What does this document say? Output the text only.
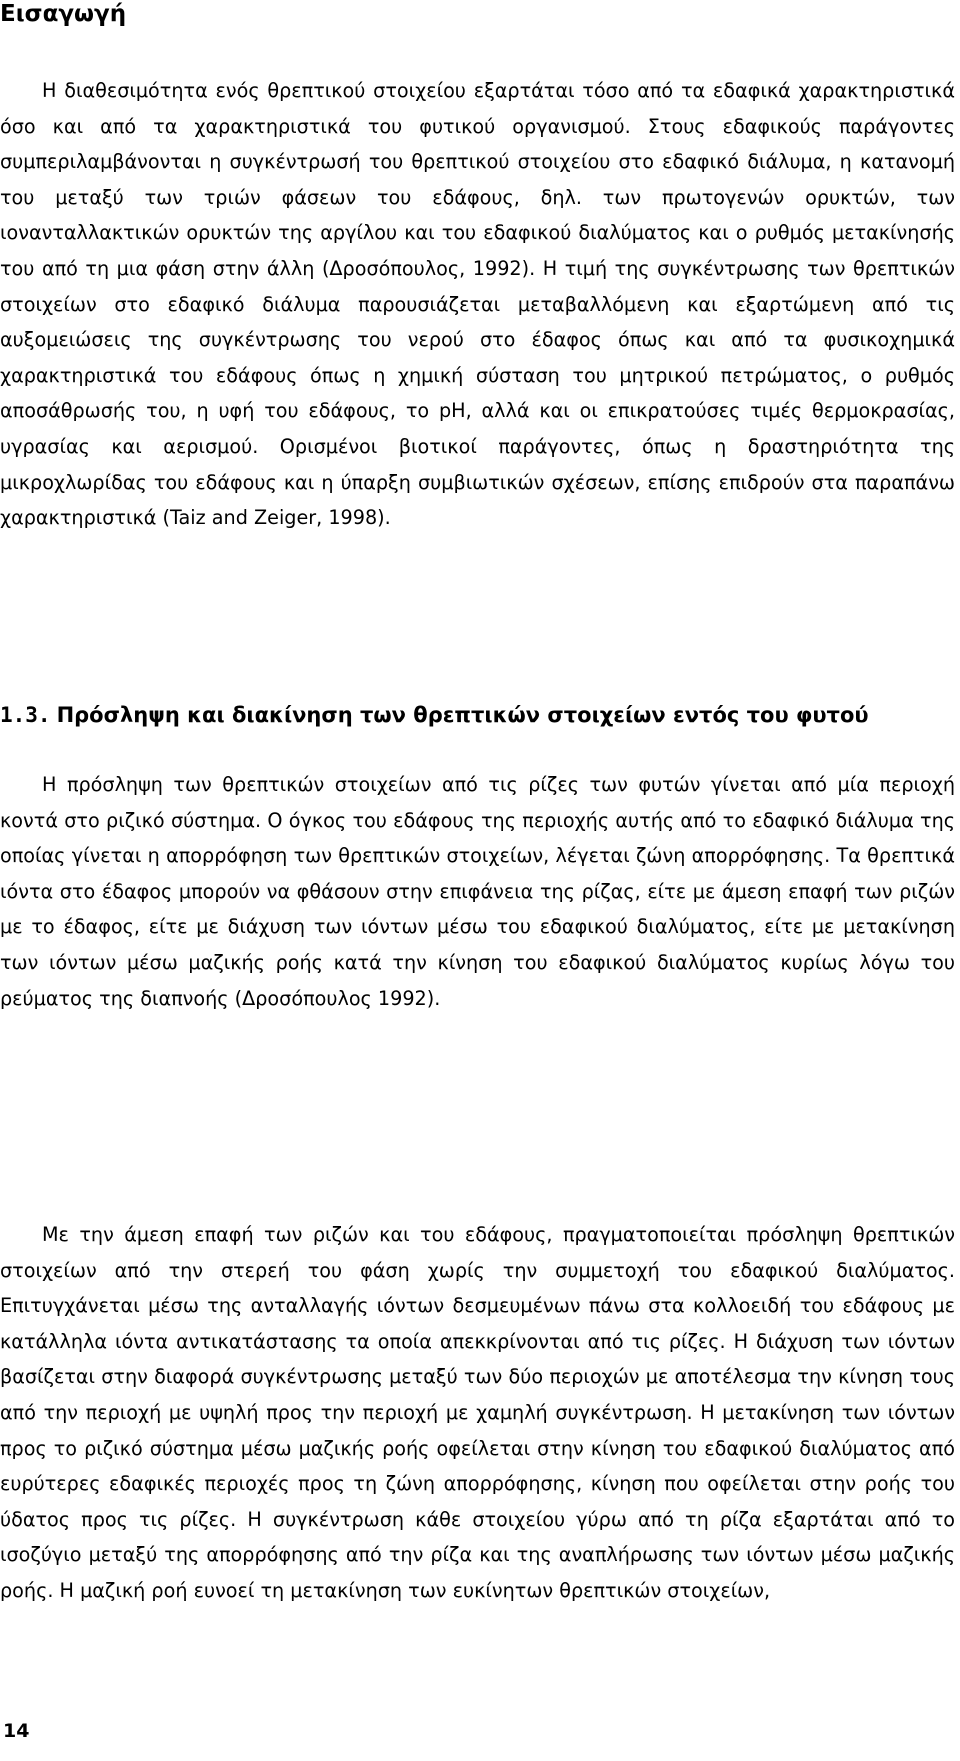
Εισαγωγή

Η διαθεσιμότητα ενός θρεπτικού στοιχείου εξαρτάται τόσο από τα εδαφικά χαρακτηριστικά όσο και από τα χαρακτηριστικά του φυτικού οργανισμού. Στους εδαφικούς παράγοντες συμπεριλαμβάνονται η συγκέντρωσή του θρεπτικού στοιχείου στο εδαφικό διάλυμα, η κατανομή του μεταξύ των τριών φάσεων του εδάφους, δηλ. των πρωτογενών ορυκτών, των ιονανταλλακτικών ορυκτών της αργίλου και του εδαφικού διαλύματος και ο ρυθμός μετακίνησής του από τη μια φάση στην άλλη (Δροσόπουλος, 1992). Η τιμή της συγκέντρωσης των θρεπτικών στοιχείων στο εδαφικό διάλυμα παρουσιάζεται μεταβαλλόμενη και εξαρτώμενη από τις αυξομειώσεις της συγκέντρωσης του νερού στο έδαφος όπως και από τα φυσικοχημικά χαρακτηριστικά του εδάφους όπως η χημική σύσταση του μητρικού πετρώματος, ο ρυθμός αποσάθρωσής του, η υφή του εδάφους, το pH, αλλά και οι επικρατούσες τιμές θερμοκρασίας, υγρασίας και αερισμού. Ορισμένοι βιοτικοί παράγοντες, όπως η δραστηριότητα της μικροχλωρίδας του εδάφους και η ύπαρξη συμβιωτικών σχέσεων, επίσης επιδρούν στα παραπάνω χαρακτηριστικά (Taiz and Zeiger, 1998).

1.3. Πρόσληψη και διακίνηση των θρεπτικών στοιχείων εντός του φυτού

Η πρόσληψη των θρεπτικών στοιχείων από τις ρίζες των φυτών γίνεται από μία περιοχή κοντά στο ριζικό σύστημα. Ο όγκος του εδάφους της περιοχής αυτής από το εδαφικό διάλυμα της οποίας γίνεται η απορρόφηση των θρεπτικών στοιχείων, λέγεται ζώνη απορρόφησης. Τα θρεπτικά ιόντα στο έδαφος μπορούν να φθάσουν στην επιφάνεια της ρίζας, είτε με άμεση επαφή των ριζών με το έδαφος, είτε με διάχυση των ιόντων μέσω του εδαφικού διαλύματος, είτε με μετακίνηση των ιόντων μέσω μαζικής ροής κατά την κίνηση του εδαφικού διαλύματος κυρίως λόγω του ρεύματος της διαπνοής (Δροσόπουλος 1992).

Με την άμεση επαφή των ριζών και του εδάφους, πραγματοποιείται πρόσληψη θρεπτικών στοιχείων από την στερεή του φάση χωρίς την συμμετοχή του εδαφικού διαλύματος. Επιτυγχάνεται μέσω της ανταλλαγής ιόντων δεσμευμένων πάνω στα κολλοειδή του εδάφους με κατάλληλα ιόντα αντικατάστασης τα οποία απεκκρίνονται από τις ρίζες. Η διάχυση των ιόντων βασίζεται στην διαφορά συγκέντρωσης μεταξύ των δύο περιοχών με αποτέλεσμα την κίνηση τους από την περιοχή με υψηλή προς την περιοχή με χαμηλή συγκέντρωση. Η μετακίνηση των ιόντων προς το ριζικό σύστημα μέσω μαζικής ροής οφείλεται στην κίνηση του εδαφικού διαλύματος από ευρύτερες εδαφικές περιοχές προς τη ζώνη απορρόφησης, κίνηση που οφείλεται στην ροής του ύδατος προς τις ρίζες. Η συγκέντρωση κάθε στοιχείου γύρω από τη ρίζα εξαρτάται από το ισοζύγιο μεταξύ της απορρόφησης από την ρίζα και της αναπλήρωσης των ιόντων μέσω μαζικής ροής. Η μαζική ροή ευνοεί τη μετακίνηση των ευκίνητων θρεπτικών στοιχείων,

14
